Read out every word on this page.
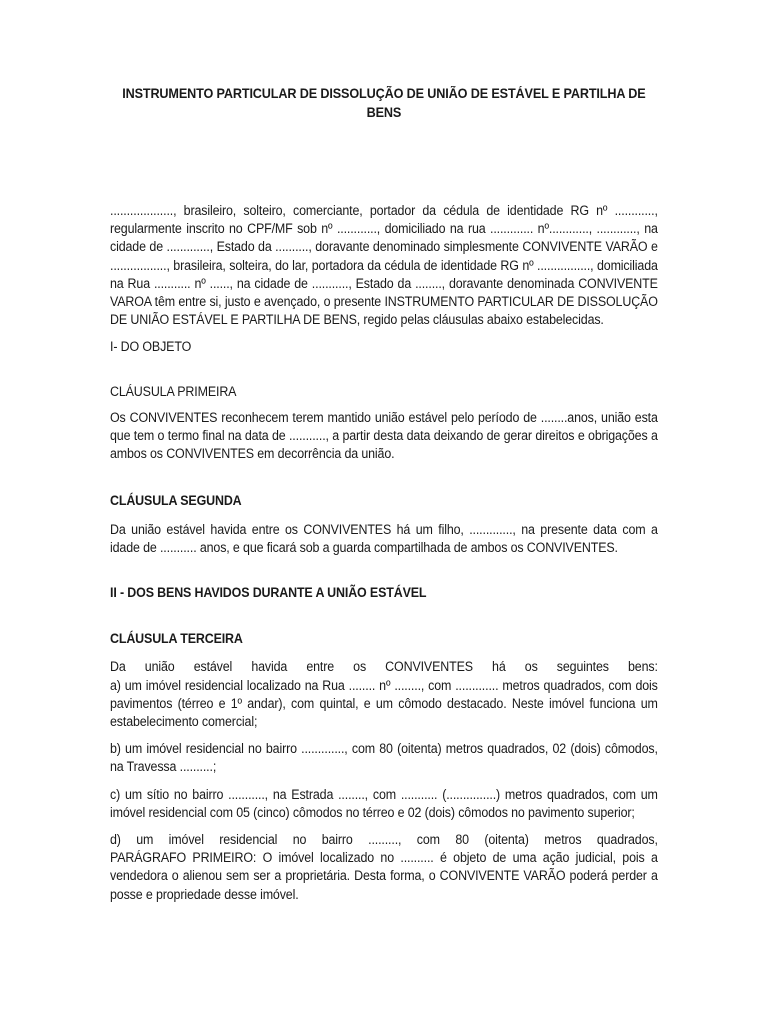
INSTRUMENTO PARTICULAR DE DISSOLUÇÃO DE UNIÃO DE ESTÁVEL E PARTILHA DE BENS

..................., brasileiro, solteiro, comerciante, portador da cédula de identidade RG nº ............, regularmente inscrito no CPF/MF sob nº ............, domiciliado na rua ............. nº............, ............, na cidade de ............., Estado da .........., doravante denominado simplesmente CONVIVENTE VARÃO e ................., brasileira, solteira, do lar, portadora da cédula de identidade RG nº ................, domiciliada na Rua ........... nº ......, na cidade de ..........., Estado da ........, doravante denominada CONVIVENTE VAROA têm entre si, justo e avençado, o presente INSTRUMENTO PARTICULAR DE DISSOLUÇÃO DE UNIÃO ESTÁVEL E PARTILHA DE BENS, regido pelas cláusulas abaixo estabelecidas.

I- DO OBJETO

CLÁUSULA PRIMEIRA

Os CONVIVENTES reconhecem terem mantido união estável pelo período de ........anos, união esta que tem o termo final na data de ..........., a partir desta data deixando de gerar direitos e obrigações a ambos os CONVIVENTES em decorrência da união.

CLÁUSULA SEGUNDA

Da união estável havida entre os CONVIVENTES há um filho, ............., na presente data com a idade de ........... anos, e que ficará sob a guarda compartilhada de ambos os CONVIVENTES.

II - DOS BENS HAVIDOS DURANTE A UNIÃO ESTÁVEL

CLÁUSULA TERCEIRA

Da união estável havida entre os CONVIVENTES há os seguintes bens:

a) um imóvel residencial localizado na Rua ........ nº ........, com ............. metros quadrados, com dois pavimentos (térreo e 1º andar), com quintal, e um cômodo destacado. Neste imóvel funciona um estabelecimento comercial;

b) um imóvel residencial no bairro ............., com 80 (oitenta) metros quadrados, 02 (dois) cômodos, na Travessa ..........;

c) um sítio no bairro ..........., na Estrada ........, com ........... (...............) metros quadrados, com um imóvel residencial com 05 (cinco) cômodos no térreo e 02 (dois) cômodos no pavimento superior;

d) um imóvel residencial no bairro ........., com 80 (oitenta) metros quadrados,

PARÁGRAFO PRIMEIRO: O imóvel localizado no .......... é objeto de uma ação judicial, pois a vendedora o alienou sem ser a proprietária. Desta forma, o CONVIVENTE VARÃO poderá perder a posse e propriedade desse imóvel.
